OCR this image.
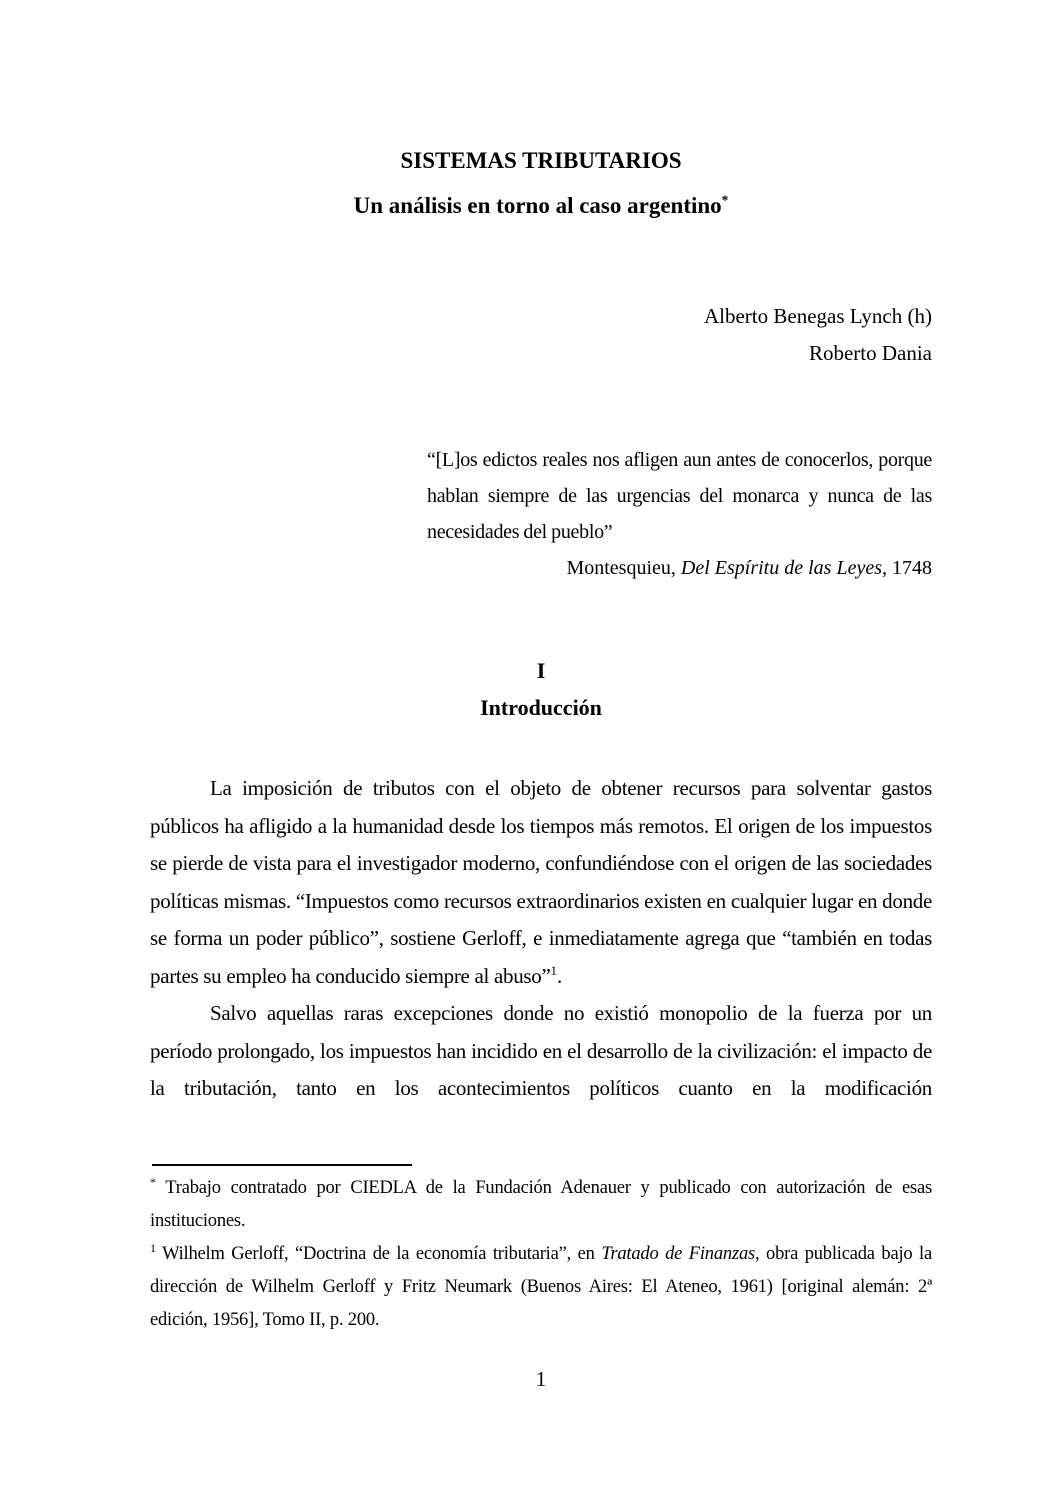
SISTEMAS TRIBUTARIOS
Un análisis en torno al caso argentino*
Alberto Benegas Lynch (h)
Roberto Dania
“[L]os edictos reales nos afligen aun antes de conocerlos, porque hablan siempre de las urgencias del monarca y nunca de las necesidades del pueblo”
Montesquieu, Del Espíritu de las Leyes, 1748
I
Introducción

La imposición de tributos con el objeto de obtener recursos para solventar gastos públicos ha afligido a la humanidad desde los tiempos más remotos. El origen de los impuestos se pierde de vista para el investigador moderno, confundiéndose con el origen de las sociedades políticas mismas. “Impuestos como recursos extraordinarios existen en cualquier lugar en donde se forma un poder público”, sostiene Gerloff, e inmediatamente agrega que “también en todas partes su empleo ha conducido siempre al abuso”$^1$.

Salvo aquellas raras excepciones donde no existió monopolio de la fuerza por un período prolongado, los impuestos han incidido en el desarrollo de la civilización: el impacto de la tributación, tanto en los acontecimientos políticos cuanto en la modificación

* Trabajo contratado por CIEDLA de la Fundación Adenauer y publicado con autorización de esas instituciones.
$^1$ Wilhelm Gerloff, “Doctrina de la economía tributaria”, en Tratado de Finanzas, obra publicada bajo la dirección de Wilhelm Gerloff y Fritz Neumark (Buenos Aires: El Ateneo, 1961) [original alemán: 2ª edición, 1956], Tomo II, p. 200.
1
